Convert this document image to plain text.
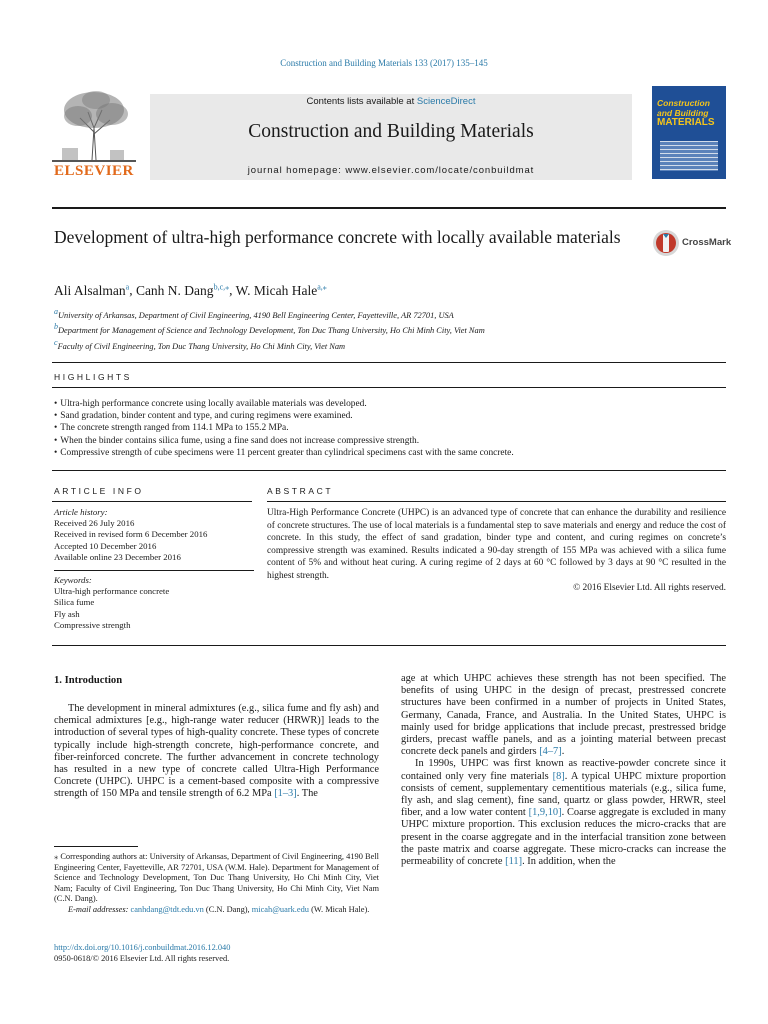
Construction and Building Materials 133 (2017) 135–145
ELSEVIER
Contents lists available at ScienceDirect
Construction and Building Materials
journal homepage: www.elsevier.com/locate/conbuildmat
Construction
and Building
MATERIALS
Development of ultra-high performance concrete with locally available materials	CrossMark
Ali Alsalman$^a$, Canh N. Dang$^{b,c,⁎}$, W. Micah Hale$^{a,⁎}$
$^a$University of Arkansas, Department of Civil Engineering, 4190 Bell Engineering Center, Fayetteville, AR 72701, USA
$^b$Department for Management of Science and Technology Development, Ton Duc Thang University, Ho Chi Minh City, Viet Nam
$^c$Faculty of Civil Engineering, Ton Duc Thang University, Ho Chi Minh City, Viet Nam
HIGHLIGHTS
• Ultra-high performance concrete using locally available materials was developed.
• Sand gradation, binder content and type, and curing regimens were examined.
• The concrete strength ranged from 114.1 MPa to 155.2 MPa.
• When the binder contains silica fume, using a fine sand does not increase compressive strength.
• Compressive strength of cube specimens were 11 percent greater than cylindrical specimens cast with the same concrete.
ARTICLE INFO	ABSTRACT
Article history:
Received 26 July 2016
Received in revised form 6 December 2016
Accepted 10 December 2016
Available online 23 December 2016
Keywords:
Ultra-high performance concrete
Silica fume
Fly ash
Compressive strength
Ultra-High Performance Concrete (UHPC) is an advanced type of concrete that can enhance the durability and resilience of concrete structures. The use of local materials is a fundamental step to save materials and energy and reduce the cost of concrete. In this study, the effect of sand gradation, binder type and content, and curing regimes on concrete’s compressive strength was examined. Results indicated a 90-day strength of 155 MPa was achieved with a silica fume content of 5% and without heat curing. A curing regime of 2 days at 60 °C followed by 3 days at 90 °C resulted in the highest strength.
© 2016 Elsevier Ltd. All rights reserved.
1. Introduction

The development in mineral admixtures (e.g., silica fume and fly ash) and chemical admixtures [e.g., high-range water reducer (HRWR)] leads to the introduction of several types of high-quality concrete. These types of concrete typically include high-strength concrete, high-performance concrete, and fiber-reinforced concrete. The further advancement in concrete technology has resulted in a new type of concrete called Ultra-High Performance Concrete (UHPC). UHPC is a cement-based composite with a compressive strength of 150 MPa and tensile strength of 6.2 MPa [1–3]. The

age at which UHPC achieves these strength has not been specified. The benefits of using UHPC in the design of precast, prestressed concrete structures have been confirmed in a number of projects in United States, Germany, Canada, France, and Australia. In the United States, UHPC is mainly used for bridge applications that include precast, prestressed bridge girders, precast waffle panels, and as a jointing material between precast concrete deck panels and girders [4–7].

In 1990s, UHPC was first known as reactive-powder concrete since it contained only very fine materials [8]. A typical UHPC mixture proportion consists of cement, supplementary cementitious materials (e.g., silica fume, fly ash, and slag cement), fine sand, quartz or glass powder, HRWR, steel fiber, and a low water content [1,9,10]. Coarse aggregate is excluded in many UHPC mixture proportion. This exclusion reduces the micro-cracks that are present in the coarse aggregate and in the interfacial transition zone between the paste matrix and coarse aggregate. These micro-cracks can increase the permeability of concrete [11]. In addition, when the

⁎ Corresponding authors at: University of Arkansas, Department of Civil Engineering, 4190 Bell Engineering Center, Fayetteville, AR 72701, USA (W.M. Hale). Department for Management of Science and Technology Development, Ton Duc Thang University, Ho Chi Minh City, Viet Nam; Faculty of Civil Engineering, Ton Duc Thang University, Ho Chi Minh City, Viet Nam (C.N. Dang).
E-mail addresses: canhdang@tdt.edu.vn (C.N. Dang), micah@uark.edu (W. Micah Hale).
http://dx.doi.org/10.1016/j.conbuildmat.2016.12.040
0950-0618/© 2016 Elsevier Ltd. All rights reserved.
